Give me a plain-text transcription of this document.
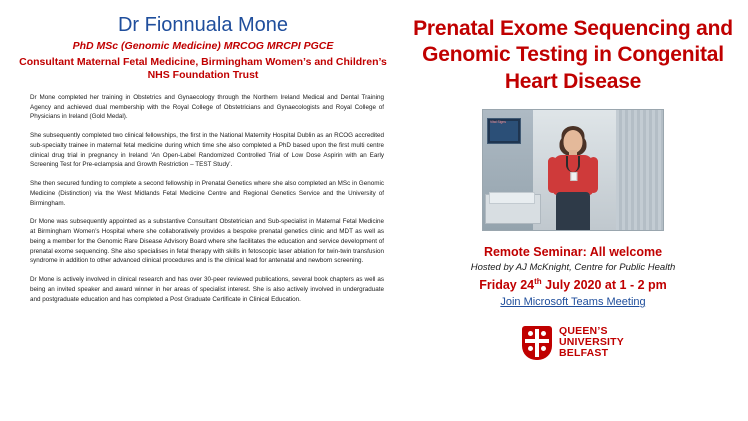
Dr Fionnuala Mone
PhD MSc (Genomic Medicine) MRCOG MRCPI PGCE
Consultant Maternal Fetal Medicine, Birmingham Women’s and Children’s NHS Foundation Trust

Dr Mone completed her training in Obstetrics and Gynaecology through the Northern Ireland Medical and Dental Training Agency and achieved dual membership with the Royal College of Obstetricians and Gynaecologists and Royal College of Physicians in Ireland (Gold Medal).

She subsequently completed two clinical fellowships, the first in the National Maternity Hospital Dublin as an RCOG accredited sub-specialty trainee in maternal fetal medicine during which time she also completed a PhD based upon the first multi centre clinical drug trial in pregnancy in Ireland ‘An Open-Label Randomized Controlled Trial of Low Dose Aspirin with an Early Screening Test for Pre-eclampsia and Growth Restriction – TEST Study’.

She then secured funding to complete a second fellowship in Prenatal Genetics where she also completed an MSc in Genomic Medicine (Distinction) via the West Midlands Fetal Medicine Centre and Regional Genetics Service and the University of Birmingham.

Dr Mone was subsequently appointed as a substantive Consultant Obstetrician and Sub-specialist in Maternal Fetal Medicine at Birmingham Women’s Hospital where she collaboratively provides a bespoke prenatal genetics clinic and MDT as well as being a member for the Genomic Rare Disease Advisory Board where she facilitates the education and service development of prenatal exome sequencing. She also specialises in fetal therapy with skills in fetoscopic laser ablation for twin-twin transfusion syndrome in addition to other advanced clinical procedures and is the clinical lead for antenatal and newborn screening.

Dr Mone is actively involved in clinical research and has over 30-peer reviewed publications, several book chapters as well as being an invited speaker and award winner in her areas of specialist interest. She is also actively involved in undergraduate and postgraduate education and has completed a Post Graduate Certificate in Clinical Education.

Prenatal Exome Sequencing and Genomic Testing in Congenital Heart Disease
Vital Signs
Remote Seminar: All welcome
Hosted by AJ McKnight, Centre for Public Health
Friday 24th July 2020 at 1 - 2 pm
Join Microsoft Teams Meeting
QUEEN’S
UNIVERSITY
BELFAST
